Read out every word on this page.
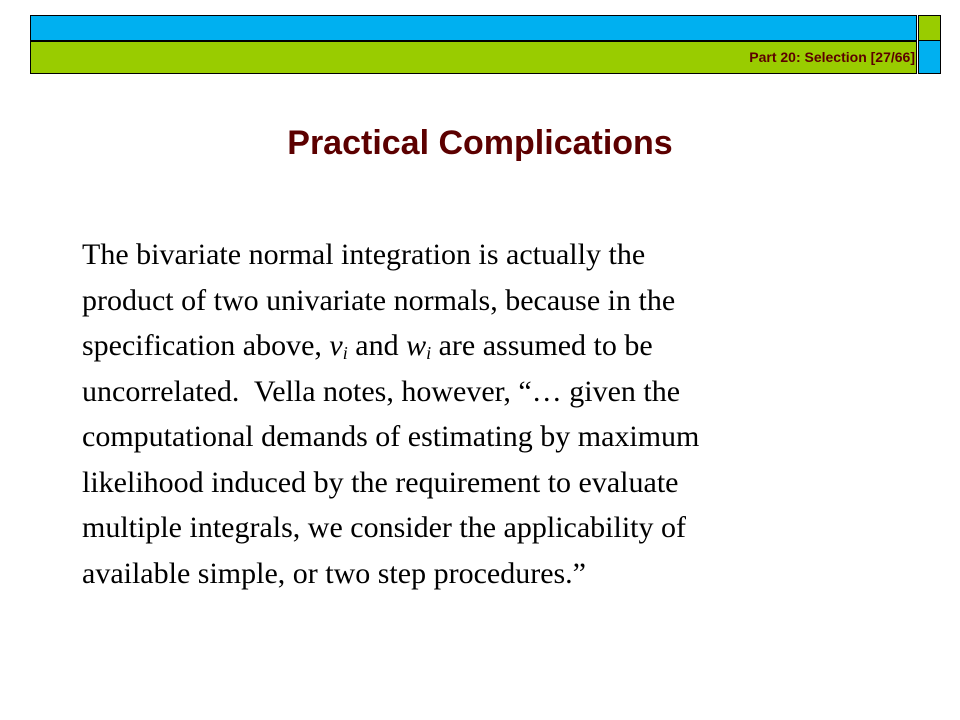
Part 20: Selection [27/66]
Practical Complications
The bivariate normal integration is actually the
product of two univariate normals, because in the
specification above, $v_i$ and $w_i$ are assumed to be
uncorrelated.  Vella notes, however, “… given the
computational demands of estimating by maximum
likelihood induced by the requirement to evaluate
multiple integrals, we consider the applicability of
available simple, or two step procedures.”
